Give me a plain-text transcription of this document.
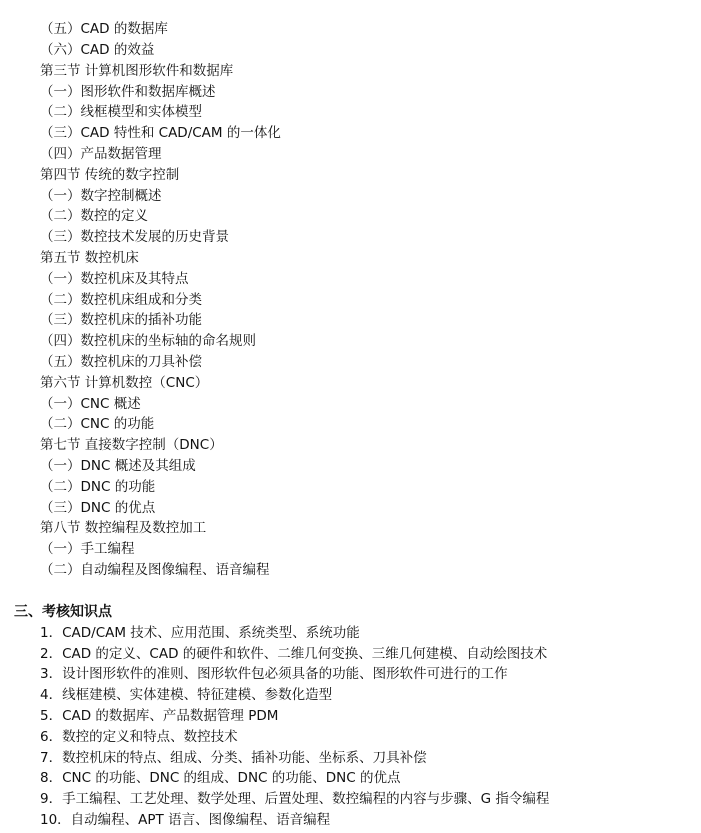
（五）CAD 的数据库
（六）CAD 的效益
第三节 计算机图形软件和数据库
（一）图形软件和数据库概述
（二）线框模型和实体模型
（三）CAD 特性和 CAD/CAM 的一体化
（四）产品数据管理
第四节 传统的数字控制
（一）数字控制概述
（二）数控的定义
（三）数控技术发展的历史背景
第五节 数控机床
（一）数控机床及其特点
（二）数控机床组成和分类
（三）数控机床的插补功能
（四）数控机床的坐标轴的命名规则
（五）数控机床的刀具补偿
第六节 计算机数控（CNC）
（一）CNC 概述
（二）CNC 的功能
第七节 直接数字控制（DNC）
（一）DNC 概述及其组成
（二）DNC 的功能
（三）DNC 的优点
第八节 数控编程及数控加工
（一）手工编程
（二）自动编程及图像编程、语音编程
三、考核知识点
1．CAD/CAM 技术、应用范围、系统类型、系统功能
2．CAD 的定义、CAD 的硬件和软件、二维几何变换、三维几何建模、自动绘图技术
3．设计图形软件的准则、图形软件包必须具备的功能、图形软件可进行的工作
4．线框建模、实体建模、特征建模、参数化造型
5．CAD 的数据库、产品数据管理 PDM
6．数控的定义和特点、数控技术
7．数控机床的特点、组成、分类、插补功能、坐标系、刀具补偿
8．CNC 的功能、DNC 的组成、DNC 的功能、DNC 的优点
9．手工编程、工艺处理、数学处理、后置处理、数控编程的内容与步骤、G 指令编程
10．自动编程、APT 语言、图像编程、语音编程
